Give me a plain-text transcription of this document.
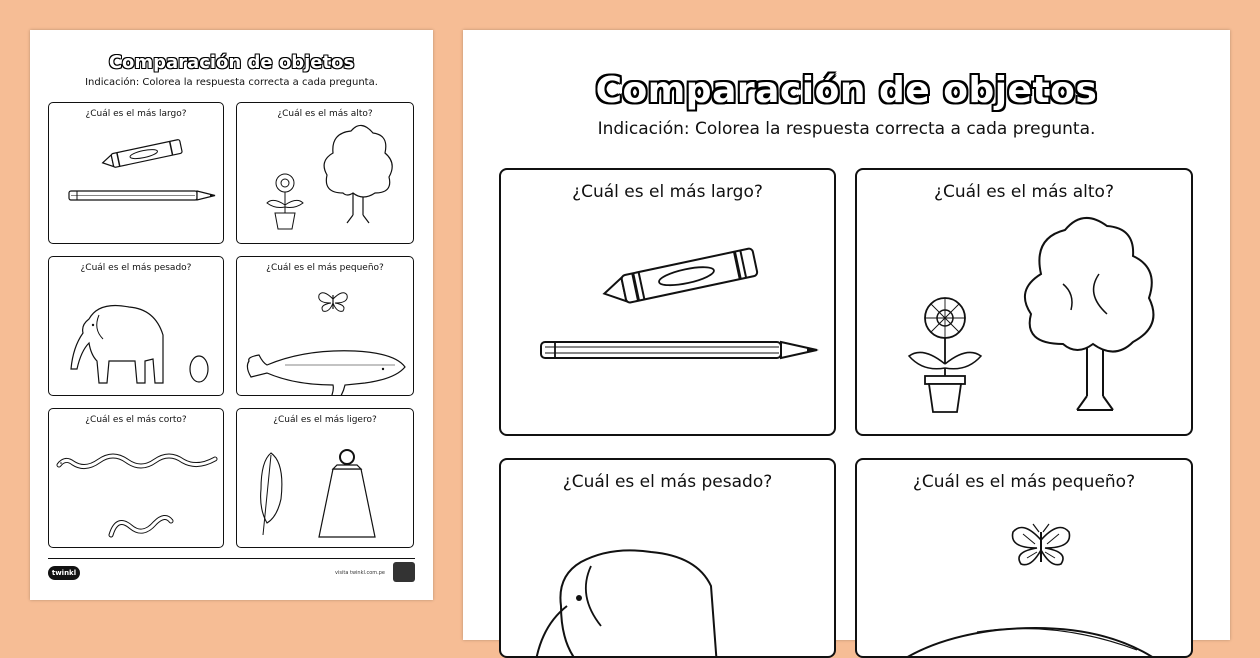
Comparación de objetos
Indicación: Colorea la respuesta correcta a cada pregunta.
¿Cuál es el más largo?	¿Cuál es el más alto?
¿Cuál es el más pesado?	¿Cuál es el más pequeño?
¿Cuál es el más corto?	¿Cuál es el más ligero?
twinkl	visita twinkl.com.pe
Comparación de objetos
Indicación: Colorea la respuesta correcta a cada pregunta.
¿Cuál es el más largo?	¿Cuál es el más alto?
¿Cuál es el más pesado?	¿Cuál es el más pequeño?
